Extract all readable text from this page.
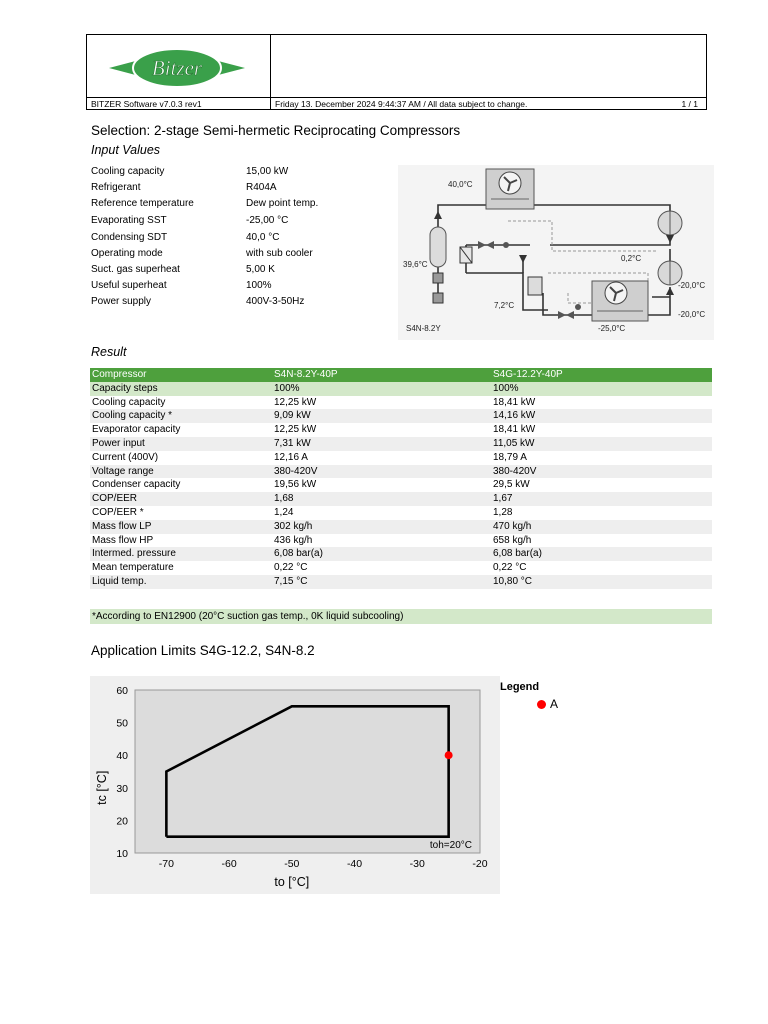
Bitzer
BITZER Software v7.0.3 rev1	Friday 13. December 2024 9:44:37 AM / All data subject to change.	1 / 1
Selection: 2-stage Semi-hermetic Reciprocating Compressors
Input Values
Cooling capacity	15,00 kW
Refrigerant	R404A
Reference temperature	Dew point temp.
Evaporating SST	-25,00 °C
Condensing SDT	40,0 °C
Operating mode	with sub cooler
Suct. gas superheat	5,00 K
Useful superheat	100%
Power supply	400V-3-50Hz
40,0°C
39,6°C
0,2°C
7,2°C
-25,0°C
-20,0°C
-20,0°C
S4N-8.2Y
Result
Compressor	S4N-8.2Y-40P	S4G-12.2Y-40P
Capacity steps	100%	100%
Cooling capacity	12,25 kW	18,41 kW
Cooling capacity *	9,09 kW	14,16 kW
Evaporator capacity	12,25 kW	18,41 kW
Power input	7,31 kW	11,05 kW
Current (400V)	12,16 A	18,79 A
Voltage range	380-420V	380-420V
Condenser capacity	19,56 kW	29,5 kW
COP/EER	1,68	1,67
COP/EER *	1,24	1,28
Mass flow LP	302 kg/h	470 kg/h
Mass flow HP	436 kg/h	658 kg/h
Intermed. pressure	6,08 bar(a)	6,08 bar(a)
Mean temperature	0,22 °C	0,22 °C
Liquid temp.	7,15 °C	10,80 °C
*According to EN12900 (20°C suction gas temp., 0K liquid subcooling)
Application Limits S4G-12.2, S4N-8.2
-70	-60	-50	-40	-30	-20
10
20
30
40
50
60
toh=20°C
to [°C]
tc [°C]
Legend
A
